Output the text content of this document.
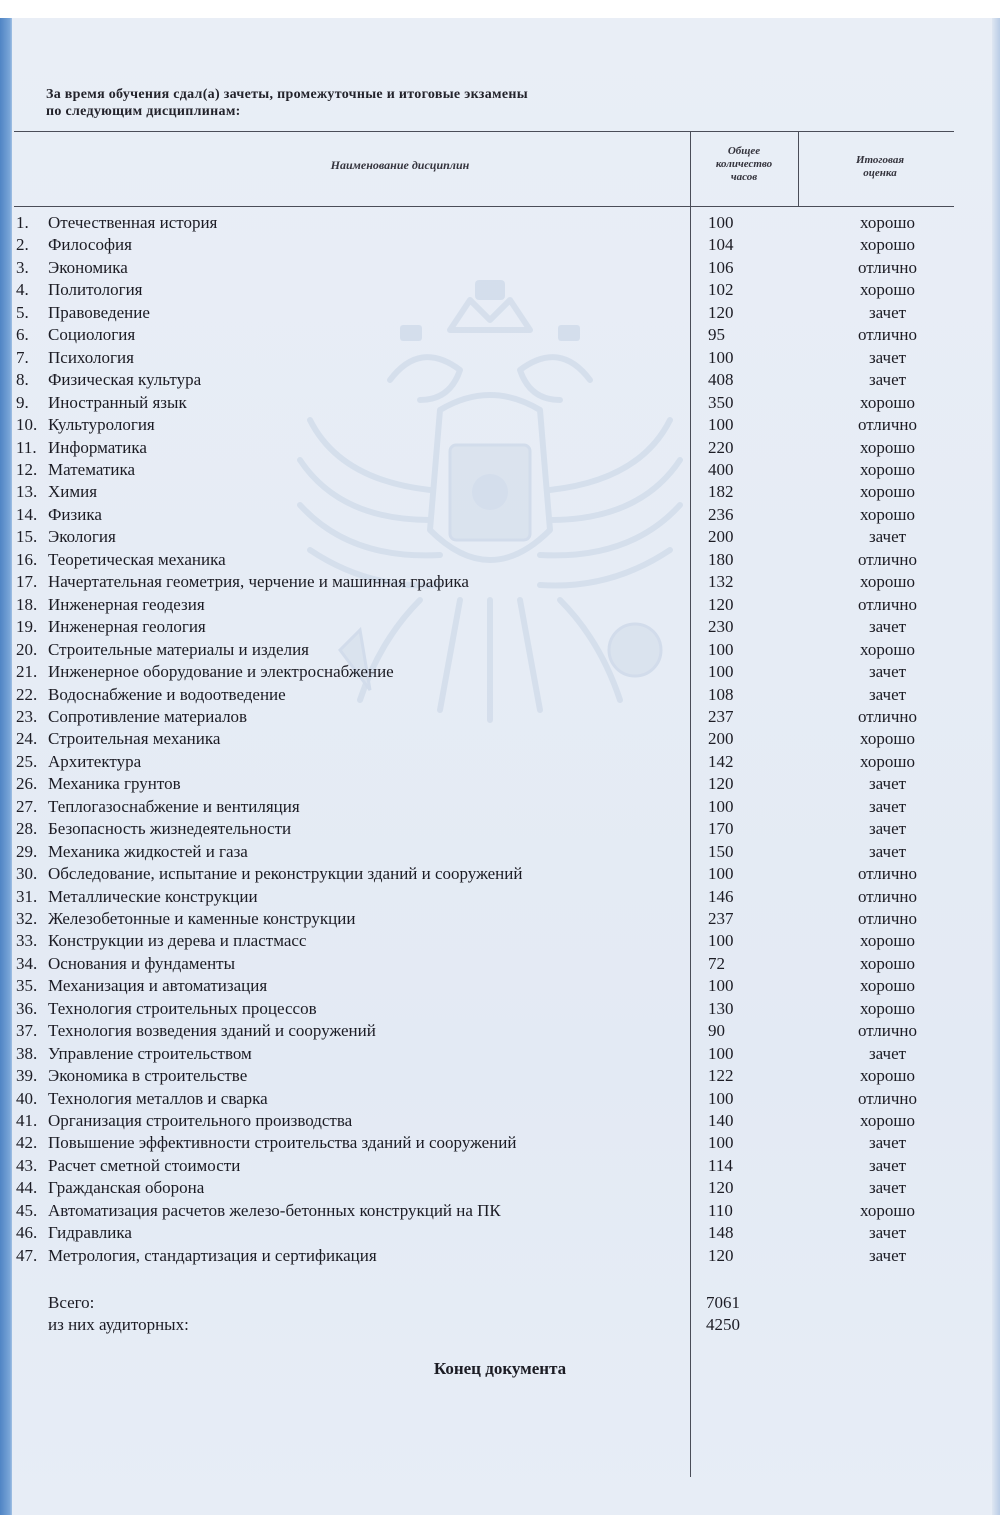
За время обучения сдал(а) зачеты, промежуточные и итоговые экзамены
по следующим дисциплинам:
Наименование дисциплин
Общее
количество
часов
Итоговая
оценка
1. Отечественная история	100	хорошо
2. Философия	104	хорошо
3. Экономика	106	отлично
4. Политология	102	хорошо
5. Правоведение	120	зачет
6. Социология	95	отлично
7. Психология	100	зачет
8. Физическая культура	408	зачет
9. Иностранный язык	350	хорошо
10. Культурология	100	отлично
11. Информатика	220	хорошо
12. Математика	400	хорошо
13. Химия	182	хорошо
14. Физика	236	хорошо
15. Экология	200	зачет
16. Теоретическая механика	180	отлично
17. Начертательная геометрия, черчение и машинная графика	132	хорошо
18. Инженерная геодезия	120	отлично
19. Инженерная геология	230	зачет
20. Строительные материалы и изделия	100	хорошо
21. Инженерное оборудование и электроснабжение	100	зачет
22. Водоснабжение и водоотведение	108	зачет
23. Сопротивление материалов	237	отлично
24. Строительная механика	200	хорошо
25. Архитектура	142	хорошо
26. Механика грунтов	120	зачет
27. Теплогазоснабжение и вентиляция	100	зачет
28. Безопасность жизнедеятельности	170	зачет
29. Механика жидкостей и газа	150	зачет
30. Обследование, испытание и реконструкции зданий и сооружений	100	отлично
31. Металлические конструкции	146	отлично
32. Железобетонные и каменные конструкции	237	отлично
33. Конструкции из дерева и пластмасс	100	хорошо
34. Основания и фундаменты	72	хорошо
35. Механизация и автоматизация	100	хорошо
36. Технология строительных процессов	130	хорошо
37. Технология возведения зданий и сооружений	90	отлично
38. Управление строительством	100	зачет
39. Экономика в строительстве	122	хорошо
40. Технология металлов и сварка	100	отлично
41. Организация строительного производства	140	хорошо
42. Повышение эффективности строительства зданий и сооружений	100	зачет
43. Расчет сметной стоимости	114	зачет
44. Гражданская оборона	120	зачет
45. Автоматизация расчетов железо-бетонных конструкций на ПК	110	хорошо
46. Гидравлика	148	зачет
47. Метрология, стандартизация и сертификация	120	зачет
Всего:	7061
из них аудиторных:	4250
Конец документа
